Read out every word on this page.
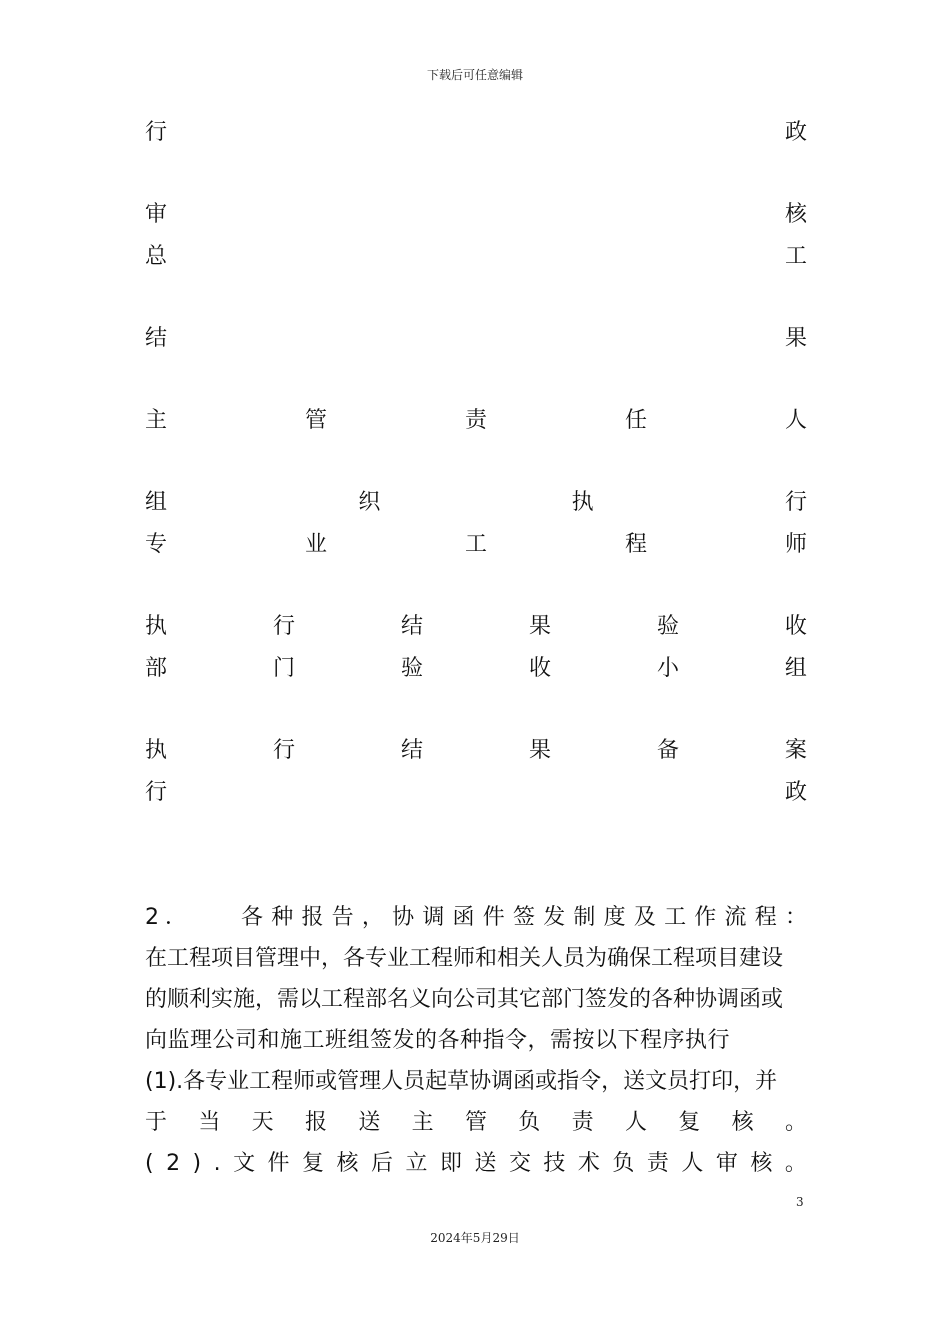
下载后可任意编辑
行	政
审	核
总	工
结	果
主	管	责	任	人
组	织	执	行
专	业	工	程	师
执	行	结	果	验	收
部	门	验	收	小	组
执	行	结	果	备	案
行	政
2．	各 种 报 告 ， 协 调 函 件 签 发 制 度 及 工 作 流 程 ：
在工程项目管理中，各专业工程师和相关人员为确保工程项目建设
的顺利实施，需以工程部名义向公司其它部门签发的各种协调函或
向监理公司和施工班组签发的各种指令，需按以下程序执行
(1).各专业工程师或管理人员起草协调函或指令，送文员打印，并
于 当 天 报 送 主 管 负 责 人 复 核 。
( 2 ) . 文 件 复 核 后 立 即 送 交 技 术 负 责 人 审 核 。
3
2024年5月29日
